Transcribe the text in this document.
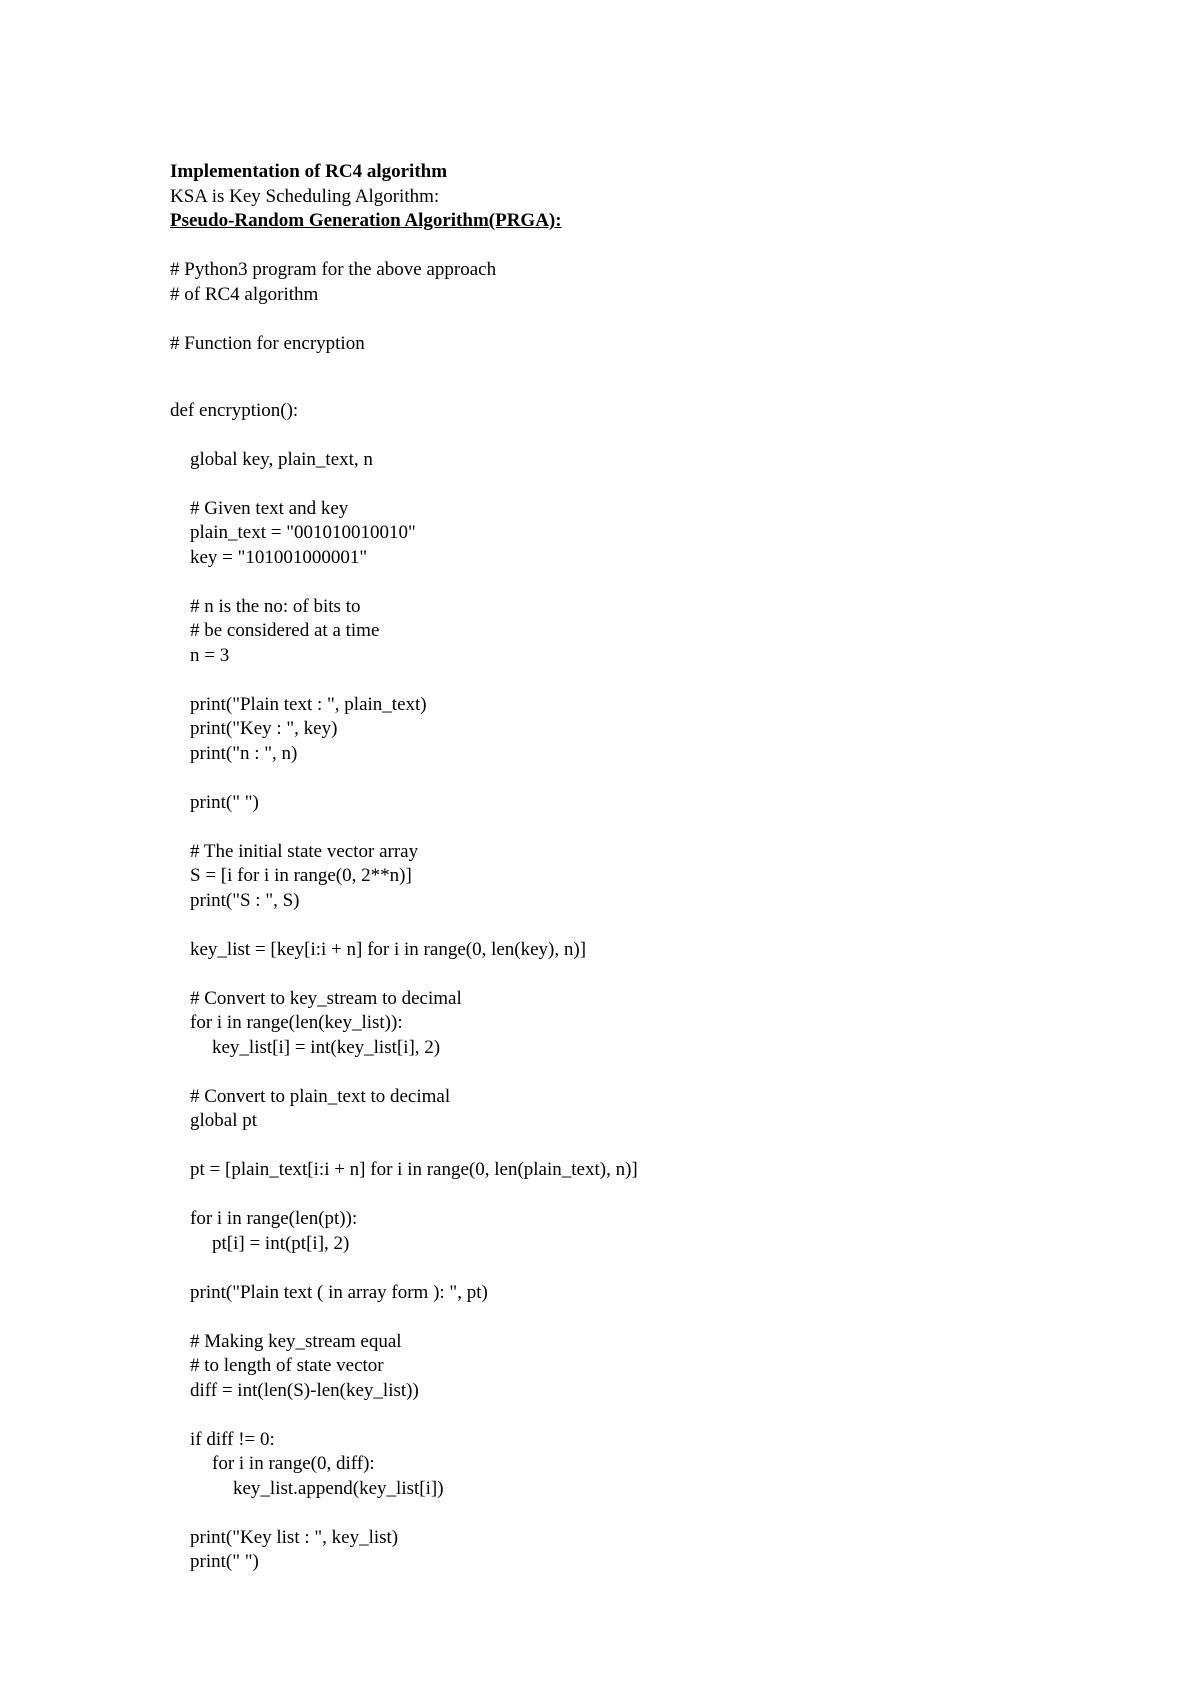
Implementation of RC4 algorithm
KSA is Key Scheduling Algorithm:
Pseudo-Random Generation Algorithm(PRGA):
# Python3 program for the above approach
# of RC4 algorithm
# Function for encryption
def encryption():
global key, plain_text, n
# Given text and key
plain_text = "001010010010"
key = "101001000001"
# n is the no: of bits to
# be considered at a time
n = 3
print("Plain text : ", plain_text)
print("Key : ", key)
print("n : ", n)
print(" ")
# The initial state vector array
S = [i for i in range(0, 2**n)]
print("S : ", S)
key_list = [key[i:i + n] for i in range(0, len(key), n)]
# Convert to key_stream to decimal
for i in range(len(key_list)):
key_list[i] = int(key_list[i], 2)
# Convert to plain_text to decimal
global pt
pt = [plain_text[i:i + n] for i in range(0, len(plain_text), n)]
for i in range(len(pt)):
pt[i] = int(pt[i], 2)
print("Plain text ( in array form ): ", pt)
# Making key_stream equal
# to length of state vector
diff = int(len(S)-len(key_list))
if diff != 0:
for i in range(0, diff):
key_list.append(key_list[i])
print("Key list : ", key_list)
print(" ")
